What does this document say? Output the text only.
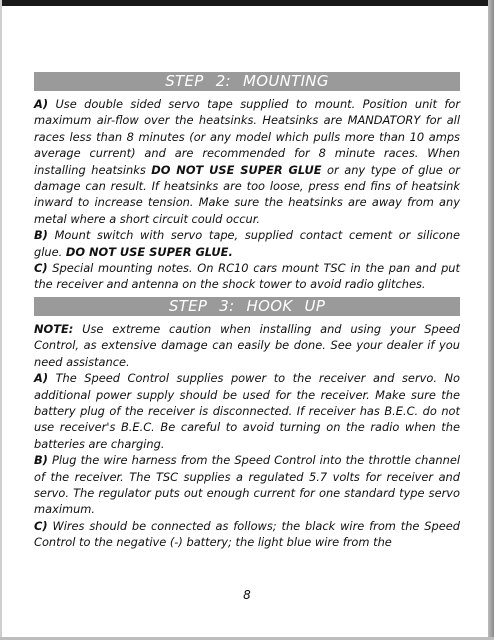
STEP 2: MOUNTING

A) Use double sided servo tape supplied to mount. Position unit for maximum air-flow over the heatsinks. Heatsinks are MANDATORY for all races less than 8 minutes (or any model which pulls more than 10 amps average current) and are recommended for 8 minute races. When installing heatsinks DO NOT USE SUPER GLUE or any type of glue or damage can result. If heatsinks are too loose, press end fins of heatsink inward to increase tension. Make sure the heatsinks are away from any metal where a short circuit could occur.

B) Mount switch with servo tape, supplied contact cement or silicone glue. DO NOT USE SUPER GLUE.

C) Special mounting notes. On RC10 cars mount TSC in the pan and put the receiver and antenna on the shock tower to avoid radio glitches.

STEP 3: HOOK UP

NOTE: Use extreme caution when installing and using your Speed Control, as extensive damage can easily be done. See your dealer if you need assistance.

A) The Speed Control supplies power to the receiver and servo. No additional power supply should be used for the receiver. Make sure the battery plug of the receiver is disconnected. If receiver has B.E.C. do not use receiver's B.E.C. Be careful to avoid turning on the radio when the batteries are charging.

B) Plug the wire harness from the Speed Control into the throttle channel of the receiver. The TSC supplies a regulated 5.7 volts for receiver and servo. The regulator puts out enough current for one standard type servo maximum.

C) Wires should be connected as follows; the black wire from the Speed Control to the negative (-) battery; the light blue wire from the

8
